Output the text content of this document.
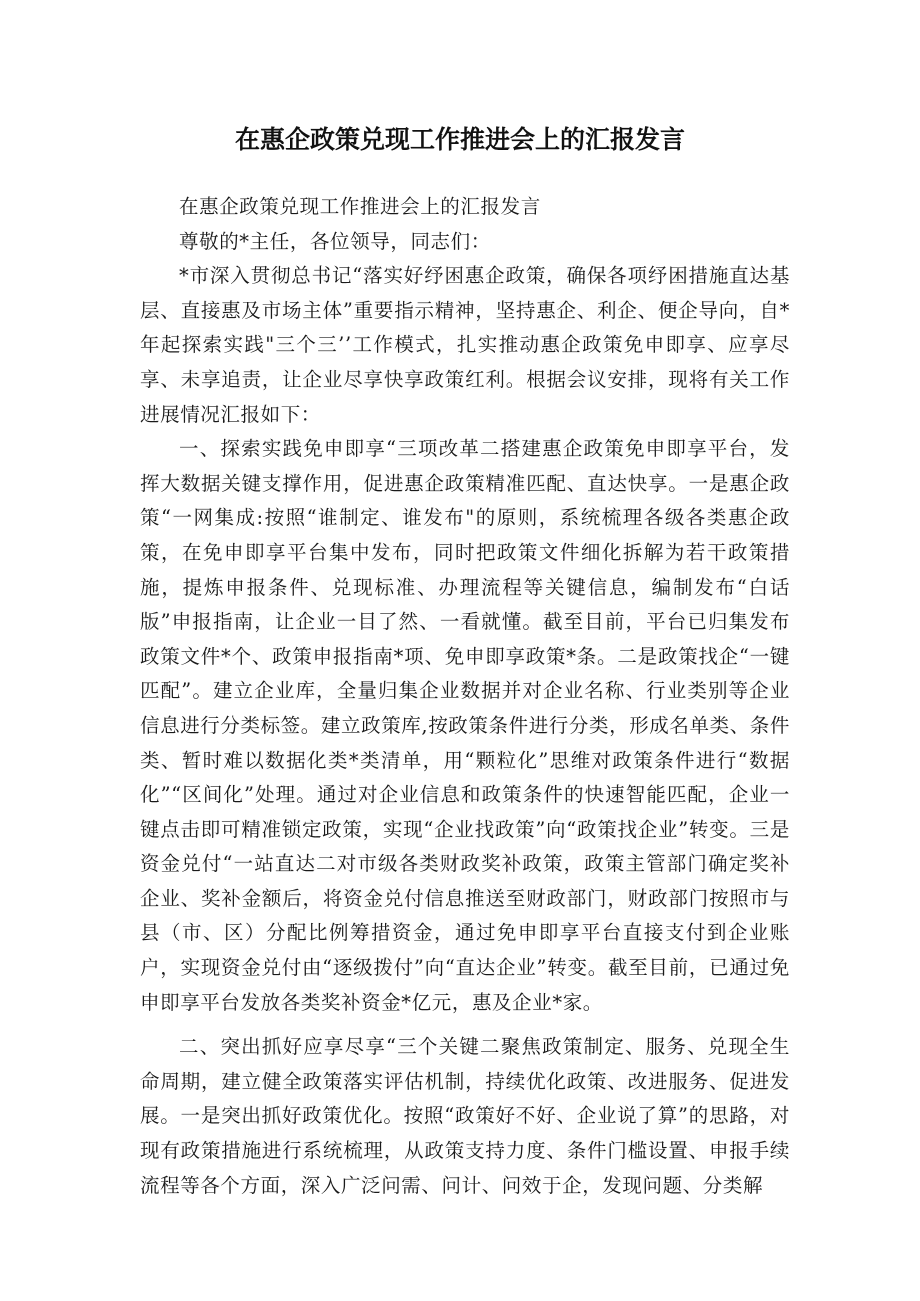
在惠企政策兑现工作推进会上的汇报发言

在惠企政策兑现工作推进会上的汇报发言

尊敬的*主任，各位领导，同志们：

*市深入贯彻总书记“落实好纾困惠企政策，确保各项纾困措施直达基层、直接惠及市场主体”重要指示精神，坚持惠企、利企、便企导向，自*年起探索实践"三个三’’工作模式，扎实推动惠企政策免申即享、应享尽享、未享追责，让企业尽享快享政策红利。根据会议安排，现将有关工作进展情况汇报如下：

一、探索实践免申即享“三项改革二搭建惠企政策免申即享平台，发挥大数据关键支撑作用，促进惠企政策精准匹配、直达快享。一是惠企政策“一网集成:按照“谁制定、谁发布"的原则，系统梳理各级各类惠企政策，在免申即享平台集中发布，同时把政策文件细化拆解为若干政策措施，提炼申报条件、兑现标准、办理流程等关键信息，编制发布“白话版”申报指南，让企业一目了然、一看就懂。截至目前，平台已归集发布政策文件*个、政策申报指南*项、免申即享政策*条。二是政策找企“一键匹配”。建立企业库，全量归集企业数据并对企业名称、行业类别等企业信息进行分类标签。建立政策库,按政策条件进行分类，形成名单类、条件类、暂时难以数据化类*类清单，用“颗粒化”思维对政策条件进行“数据化”“区间化”处理。通过对企业信息和政策条件的快速智能匹配，企业一键点击即可精准锁定政策，实现“企业找政策”向“政策找企业”转变。三是资金兑付“一站直达二对市级各类财政奖补政策，政策主管部门确定奖补企业、奖补金额后，将资金兑付信息推送至财政部门，财政部门按照市与县（市、区）分配比例筹措资金，通过免申即享平台直接支付到企业账户，实现资金兑付由“逐级拨付”向“直达企业”转变。截至目前，已通过免申即享平台发放各类奖补资金*亿元，惠及企业*家。

二、突出抓好应享尽享“三个关键二聚焦政策制定、服务、兑现全生命周期，建立健全政策落实评估机制，持续优化政策、改进服务、促进发展。一是突出抓好政策优化。按照“政策好不好、企业说了算”的思路，对现有政策措施进行系统梳理，从政策支持力度、条件门槛设置、申报手续流程等各个方面，深入广泛问需、问计、问效于企，发现问题、分类解
